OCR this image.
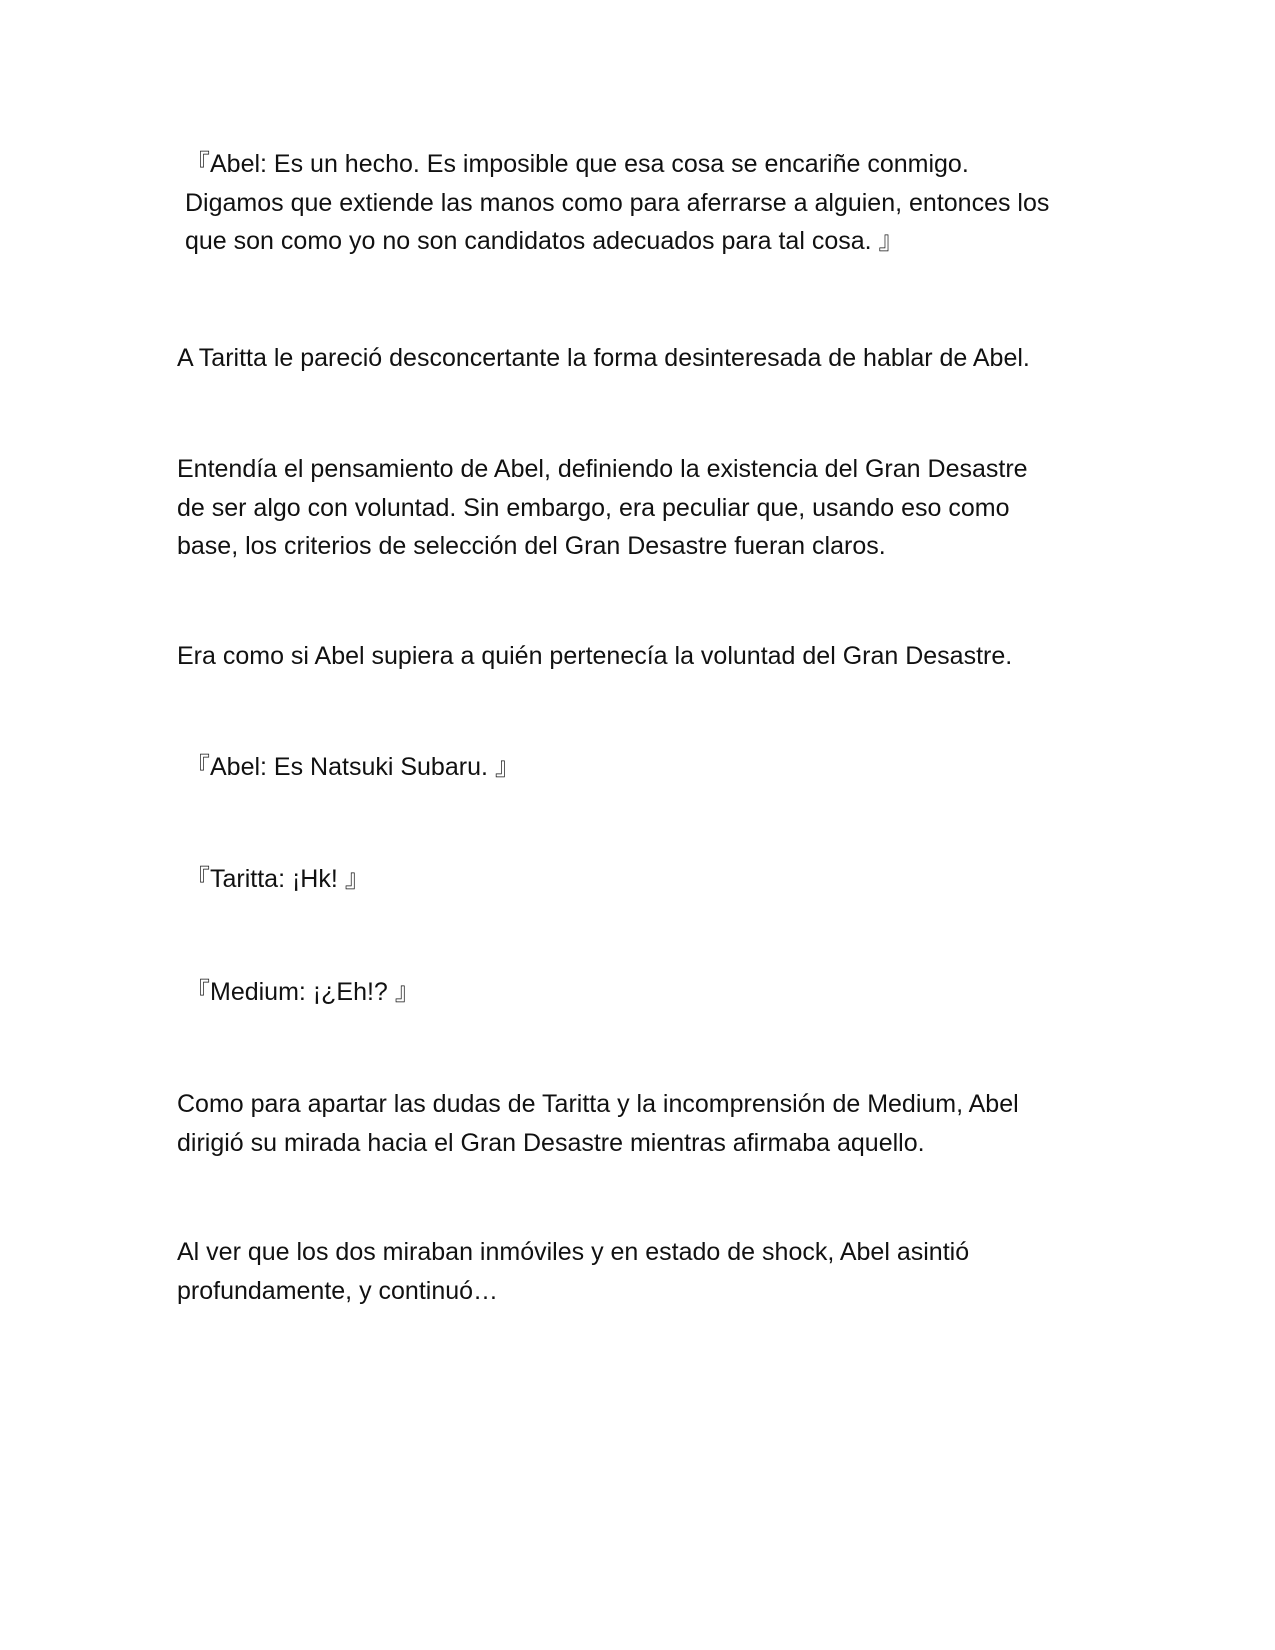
『Abel: Es un hecho. Es imposible que esa cosa se encariñe conmigo.
Digamos que extiende las manos como para aferrarse a alguien, entonces los
que son como yo no son candidatos adecuados para tal cosa. 』

A Taritta le pareció desconcertante la forma desinteresada de hablar de Abel.

Entendía el pensamiento de Abel, definiendo la existencia del Gran Desastre
de ser algo con voluntad. Sin embargo, era peculiar que, usando eso como
base, los criterios de selección del Gran Desastre fueran claros.

Era como si Abel supiera a quién pertenecía la voluntad del Gran Desastre.

『Abel: Es Natsuki Subaru. 』

『Taritta: ¡Hk! 』

『Medium: ¡¿Eh!? 』

Como para apartar las dudas de Taritta y la incomprensión de Medium, Abel
dirigió su mirada hacia el Gran Desastre mientras afirmaba aquello.

Al ver que los dos miraban inmóviles y en estado de shock, Abel asintió
profundamente, y continuó…
